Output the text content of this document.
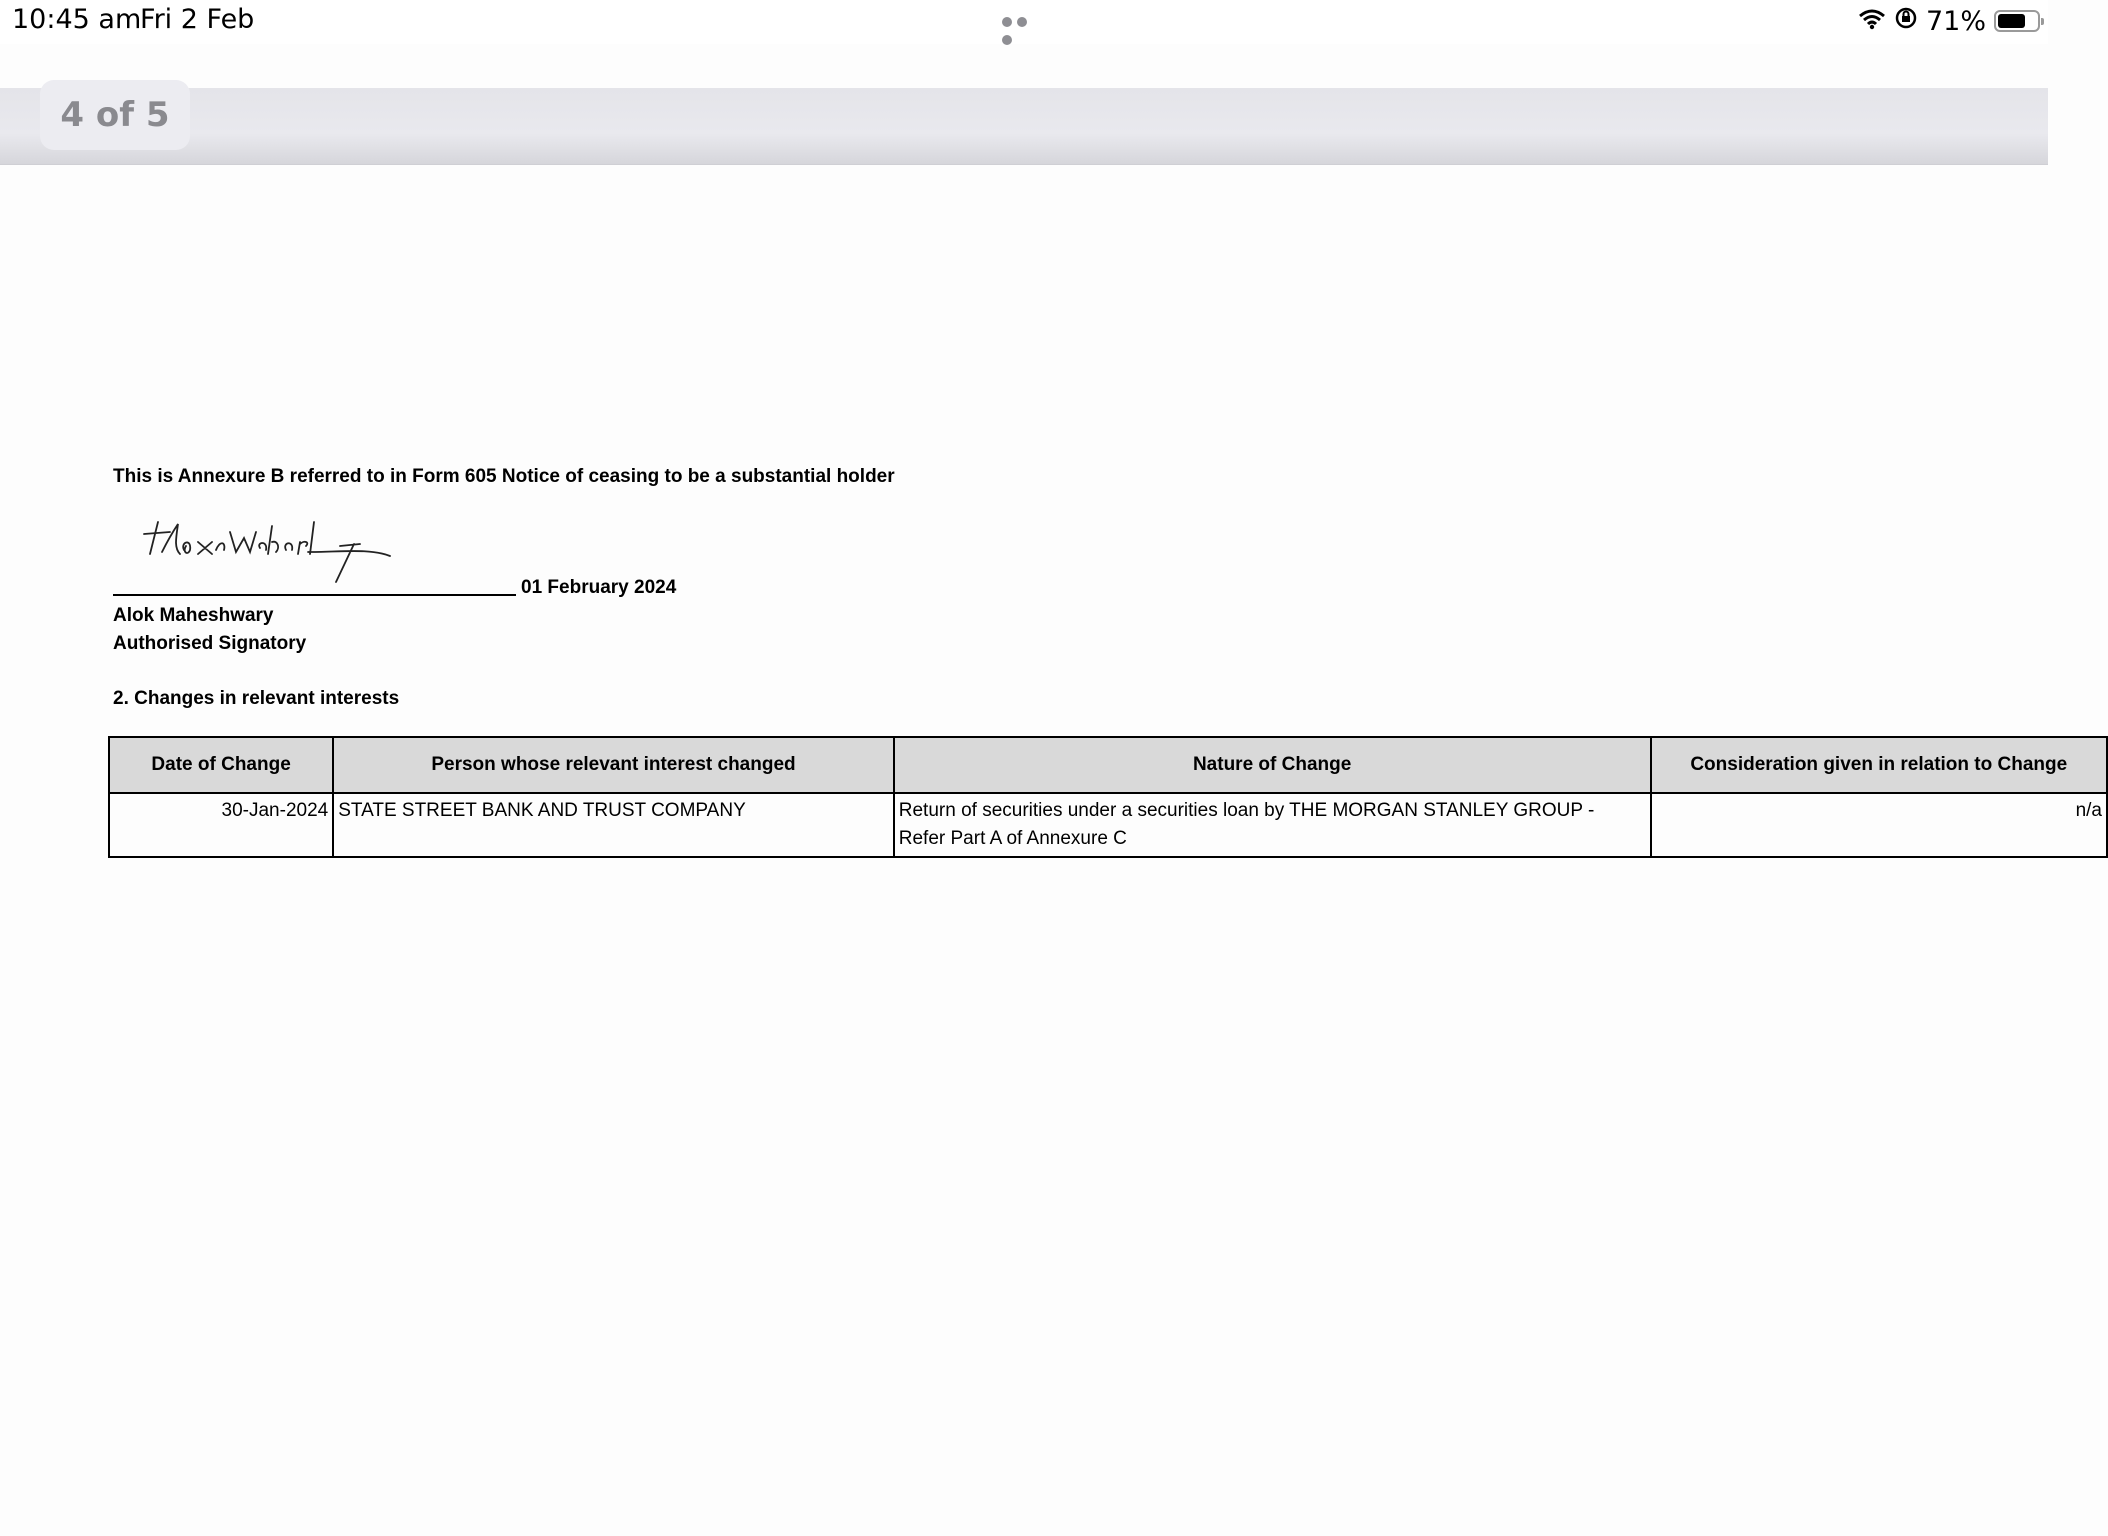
10:45 am
Fri 2 Feb	71%
4 of 5
This is Annexure B referred to in Form 605 Notice of ceasing to be a substantial holder
01 February 2024
Alok Maheshwary
Authorised Signatory
2. Changes in relevant interests
Date of Change	Person whose relevant interest changed	Nature of Change	Consideration given in relation to Change
30-Jan-2024	STATE STREET BANK AND TRUST COMPANY	Return of securities under a securities loan by THE MORGAN STANLEY GROUP - Refer Part A of Annexure C	n/a
